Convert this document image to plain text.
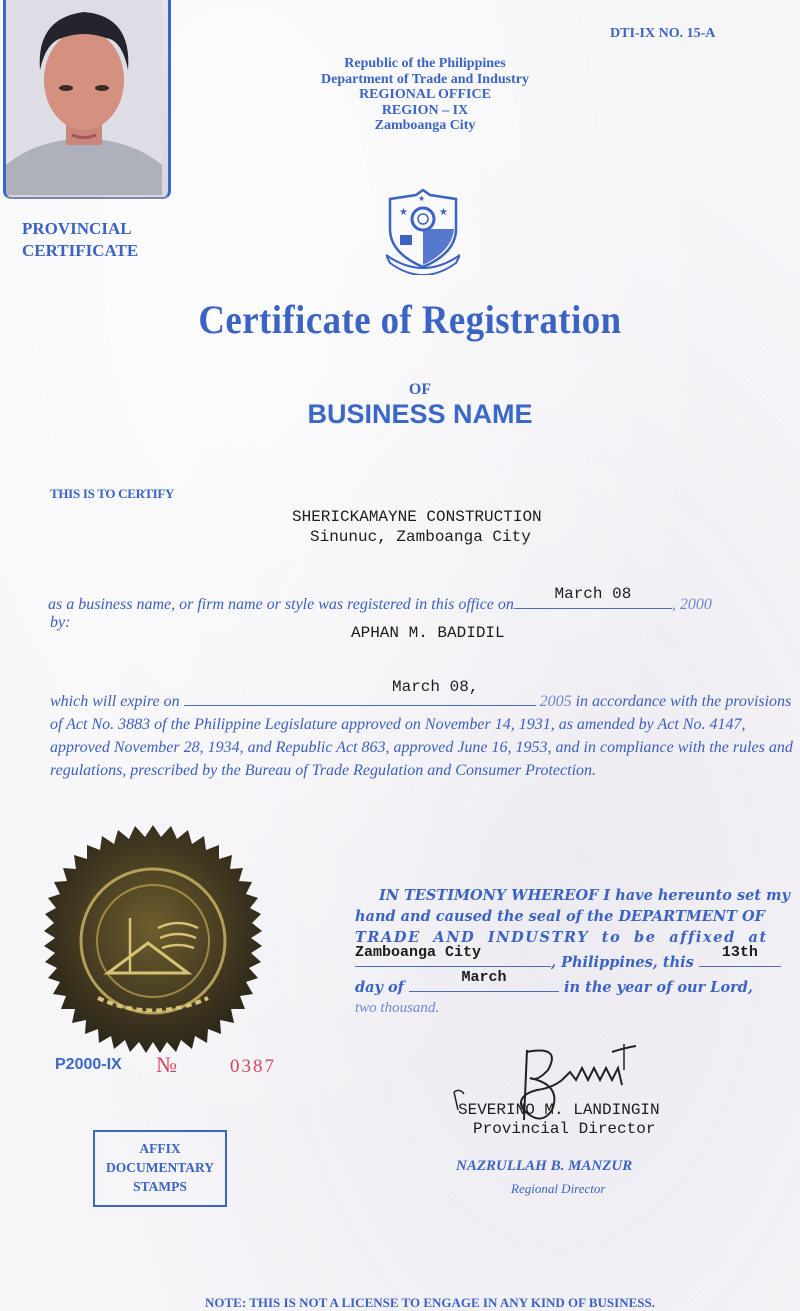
DTI-IX NO. 15-A
Republic of the Philippines
Department of Trade and Industry
REGIONAL OFFICE
REGION – IX
Zamboanga City
PROVINCIAL
CERTIFICATE
★	★
★
Certificate of Registration
OF
BUSINESS NAME
THIS IS TO CERTIFY
SHERICKAMAYNE CONSTRUCTION
Sinunuc, Zamboanga City
as a business name, or firm name or style was registered in this office on
March 08
, 2000
by:
APHAN M. BADIDIL
March 08,
which will expire on	2005 in accordance with the provisions of Act No. 3883 of the Philippine Legislature approved on November 14, 1931, as amended by Act No. 4147, approved November 28, 1934, and Republic Act 863, approved June 16, 1953, and in compliance with the rules and regulations, prescribed by the Bureau of Trade Regulation and Consumer Protection.
IN TESTIMONY WHEREOF I have hereunto set my
hand and caused the seal of the DEPARTMENT OF
TRADE AND INDUSTRY to be affixed at
Zamboanga City
, Philippines, this
13th
day of
March
in the year of our Lord,
two thousand.
P2000-IX №	0387
AFFIX
DOCUMENTARY
STAMPS
SEVERINO M. LANDINGIN
Provincial Director
NAZRULLAH B. MANZUR
Regional Director
NOTE: THIS IS NOT A LICENSE TO ENGAGE IN ANY KIND OF BUSINESS.
